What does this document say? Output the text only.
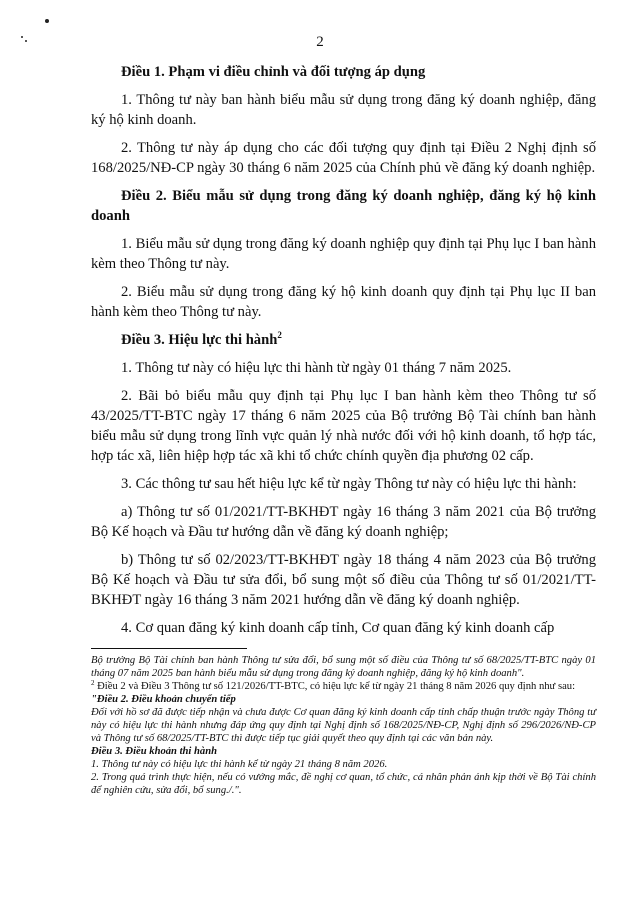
2

Điều 1. Phạm vi điều chỉnh và đối tượng áp dụng

1. Thông tư này ban hành biểu mẫu sử dụng trong đăng ký doanh nghiệp, đăng ký hộ kinh doanh.

2. Thông tư này áp dụng cho các đối tượng quy định tại Điều 2 Nghị định số 168/2025/NĐ-CP ngày 30 tháng 6 năm 2025 của Chính phủ về đăng ký doanh nghiệp.

Điều 2. Biểu mẫu sử dụng trong đăng ký doanh nghiệp, đăng ký hộ kinh doanh

1. Biểu mẫu sử dụng trong đăng ký doanh nghiệp quy định tại Phụ lục I ban hành kèm theo Thông tư này.

2. Biểu mẫu sử dụng trong đăng ký hộ kinh doanh quy định tại Phụ lục II ban hành kèm theo Thông tư này.

Điều 3. Hiệu lực thi hành$^2$

1. Thông tư này có hiệu lực thi hành từ ngày 01 tháng 7 năm 2025.

2. Bãi bỏ biểu mẫu quy định tại Phụ lục I ban hành kèm theo Thông tư số 43/2025/TT-BTC ngày 17 tháng 6 năm 2025 của Bộ trưởng Bộ Tài chính ban hành biểu mẫu sử dụng trong lĩnh vực quản lý nhà nước đối với hộ kinh doanh, tổ hợp tác, hợp tác xã, liên hiệp hợp tác xã khi tổ chức chính quyền địa phương 02 cấp.

3. Các thông tư sau hết hiệu lực kể từ ngày Thông tư này có hiệu lực thi hành:

a) Thông tư số 01/2021/TT-BKHĐT ngày 16 tháng 3 năm 2021 của Bộ trưởng Bộ Kế hoạch và Đầu tư hướng dẫn về đăng ký doanh nghiệp;

b) Thông tư số 02/2023/TT-BKHĐT ngày 18 tháng 4 năm 2023 của Bộ trưởng Bộ Kế hoạch và Đầu tư sửa đổi, bổ sung một số điều của Thông tư số 01/2021/TT-BKHĐT ngày 16 tháng 3 năm 2021 hướng dẫn về đăng ký doanh nghiệp.

4. Cơ quan đăng ký kinh doanh cấp tỉnh, Cơ quan đăng ký kinh doanh cấp

Bộ trưởng Bộ Tài chính ban hành Thông tư sửa đổi, bổ sung một số điều của Thông tư số 68/2025/TT-BTC ngày 01 tháng 07 năm 2025 ban hành biểu mẫu sử dụng trong đăng ký doanh nghiệp, đăng ký hộ kinh doanh".

$^2$ Điều 2 và Điều 3 Thông tư số 121/2026/TT-BTC, có hiệu lực kể từ ngày 21 tháng 8 năm 2026 quy định như sau:

"Điều 2. Điều khoản chuyển tiếp

Đối với hồ sơ đã được tiếp nhận và chưa được Cơ quan đăng ký kinh doanh cấp tỉnh chấp thuận trước ngày Thông tư này có hiệu lực thi hành nhưng đáp ứng quy định tại Nghị định số 168/2025/NĐ-CP, Nghị định số 296/2026/NĐ-CP và Thông tư số 68/2025/TT-BTC thì được tiếp tục giải quyết theo quy định tại các văn bản này.

Điều 3. Điều khoản thi hành

1. Thông tư này có hiệu lực thi hành kể từ ngày 21 tháng 8 năm 2026.

2. Trong quá trình thực hiện, nếu có vướng mắc, đề nghị cơ quan, tổ chức, cá nhân phản ánh kịp thời về Bộ Tài chính để nghiên cứu, sửa đổi, bổ sung./.".
